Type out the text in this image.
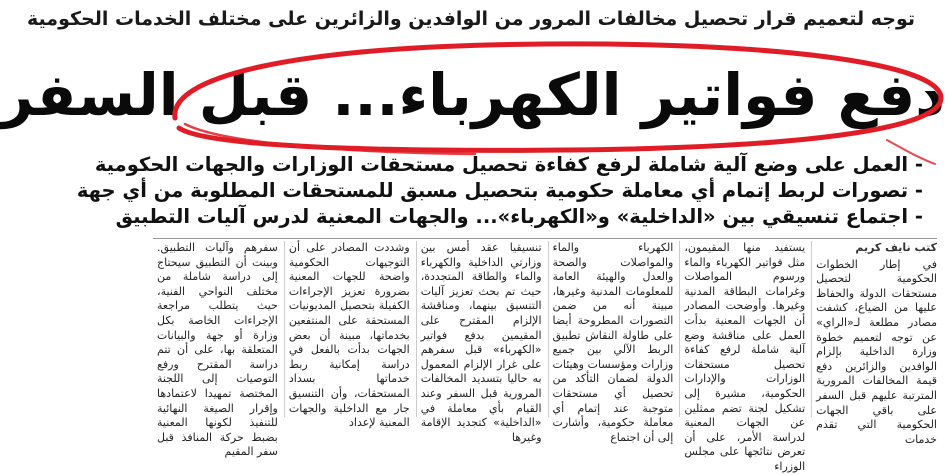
توجه لتعميم قرار تحصيل مخالفات المرور من الوافدين والزائرين على مختلف الخدمات الحكومية
دفع فواتير الكهرباء... قبل السفر
- العمل على وضع آلية شاملة لرفع كفاءة تحصيل مستحقات الوزارات والجهات الحكومية
- تصورات لربط إتمام أي معاملة حكومية بتحصيل مسبق للمستحقات المطلوبة من أي جهة
- اجتماع تنسيقي بين «الداخلية» و«الكهرباء»... والجهات المعنية لدرس آليات التطبيق
كتب نايف كريم

في إطار الخطوات الحكومية لتحصيل مستحقات الدولة والحفاظ عليها من الضياع، كشفت مصادر مطلعة لـ«الراي» عن توجه لتعميم خطوة وزارة الداخلية بإلزام الوافدين والزائرين دفع قيمة المخالفات المرورية المترتبة عليهم قبل السفر على باقي الجهات الحكومية التي تقدم خدمات

يستفيد منها المقيمون، مثل فواتير الكهرباء والماء ورسوم المواصلات وغرامات البطاقة المدنية وغيرها. وأوضحت المصادر أن الجهات المعنية بدأت العمل على مناقشة وضع آلية شاملة لرفع كفاءة تحصيل مستحقات الوزارات والإدارات الحكومية، مشيرة إلى تشكيل لجنة تضم ممثلين عن الجهات المعنية لدراسة الأمر، على أن تعرض نتائجها على مجلس الوزراء

الكهرباء والماء والمواصلات والصحة والعدل والهيئة العامة للمعلومات المدنية وغيرها، مبينة أنه من ضمن التصورات المطروحة أيضا على طاولة النقاش تطبيق الربط الآلي بين جميع وزارات ومؤسسات وهيئات الدولة لضمان التأكد من تحصيل أي مستحقات متوجبة عند إتمام أي معاملة حكومية، وأشارت إلى أن اجتماع

تنسيقيا عقد أمس بين وزارتي الداخلية والكهرباء والماء والطاقة المتجددة، حيث تم بحث تعزيز آليات التنسيق بينهما، ومناقشة الإلزام المقترح على المقيمين بدفع فواتير «الكهرباء» قبل سفرهم على غرار الإلزام المعمول به حاليا بتسديد المخالفات المرورية قبل السفر وعند القيام بأي معاملة في «الداخلية» كتجديد الإقامة وغيرها

وشددت المصادر على أن التوجيهات الحكومية واضحة للجهات المعنية بضرورة تعزيز الإجراءات الكفيلة بتحصيل المديونيات المستحقة على المنتفعين بخدماتها، مبينة أن بعض الجهات بدأت بالفعل في دراسة إمكانية ربط خدماتها بسداد المستحقات، وأن التنسيق جار مع الداخلية والجهات المعنية لإعداد

سفرهم وآليات التطبيق. وبينت أن التطبيق سيحتاج إلى دراسة شاملة من مختلف النواحي الفنية، حيث يتطلب مراجعة الإجراءات الخاصة بكل وزارة أو جهة والبيانات المتعلقة بها، على أن تتم دراسة المقترح ورفع التوصيات إلى اللجنة المختصة تمهيدا لاعتمادها وإقرار الصيغة النهائية للتنفيذ لكونها المعنية بضبط حركة المنافذ قبل سفر المقيم
